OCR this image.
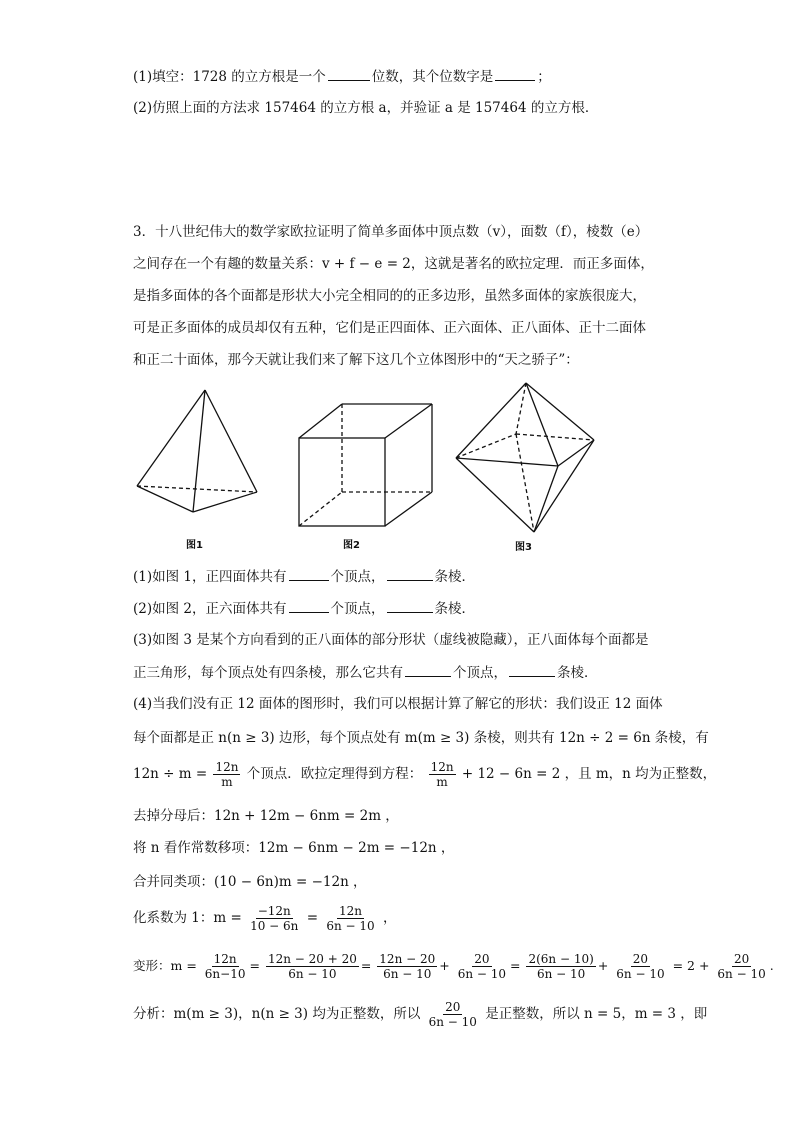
(1)填空：1728 的立方根是一个	位数，其个位数字是	；
(2)仿照上面的方法求 157464 的立方根 a，并验证 a 是 157464 的立方根．
3．十八世纪伟大的数学家欧拉证明了简单多面体中顶点数（v），面数（f），棱数（e）
之间存在一个有趣的数量关系：v + f − e = 2，这就是著名的欧拉定理．而正多面体，
是指多面体的各个面都是形状大小完全相同的的正多边形，虽然多面体的家族很庞大，
可是正多面体的成员却仅有五种，它们是正四面体、正六面体、正八面体、正十二面体
和正二十面体，那今天就让我们来了解下这几个立体图形中的“天之骄子”：
图1	图2	图3
(1)如图 1，正四面体共有	个顶点，	条棱．
(2)如图 2，正六面体共有	个顶点，	条棱．
(3)如图 3 是某个方向看到的正八面体的部分形状（虚线被隐藏），正八面体每个面都是
正三角形，每个顶点处有四条棱，那么它共有	个顶点，	条棱．
(4)当我们没有正 12 面体的图形时，我们可以根据计算了解它的形状：我们设正 12 面体
每个面都是正 n(n ≥ 3) 边形，每个顶点处有 m(m ≥ 3) 条棱，则共有 12n ÷ 2 = 6n 条棱，有
$12n \div m = \frac{12n}{m}$ 个顶点．欧拉定理得到方程： $\frac{12n}{m} + 12 - 6n = 2$ ，且 m，n 均为正整数，
去掉分母后：12n + 12m − 6nm = 2m ，
将 n 看作常数移项：12m − 6nm − 2m = −12n ，
合并同类项：(10 − 6n)m = −12n ，
化系数为 1：$m = \frac{-12n}{10 - 6n} = \frac{12n}{6n - 10}$ ，
变形：$m = \frac{12n}{6n-10} = \frac{12n - 20 + 20}{6n - 10} = \frac{12n - 20}{6n - 10} + \frac{20}{6n - 10} = \frac{2(6n - 10)}{6n - 10} + \frac{20}{6n - 10} = 2 + \frac{20}{6n - 10}$ .
分析：m(m ≥ 3)，n(n ≥ 3) 均为正整数，所以 $\frac{20}{6n - 10}$ 是正整数，所以 n = 5，m = 3 ，即
